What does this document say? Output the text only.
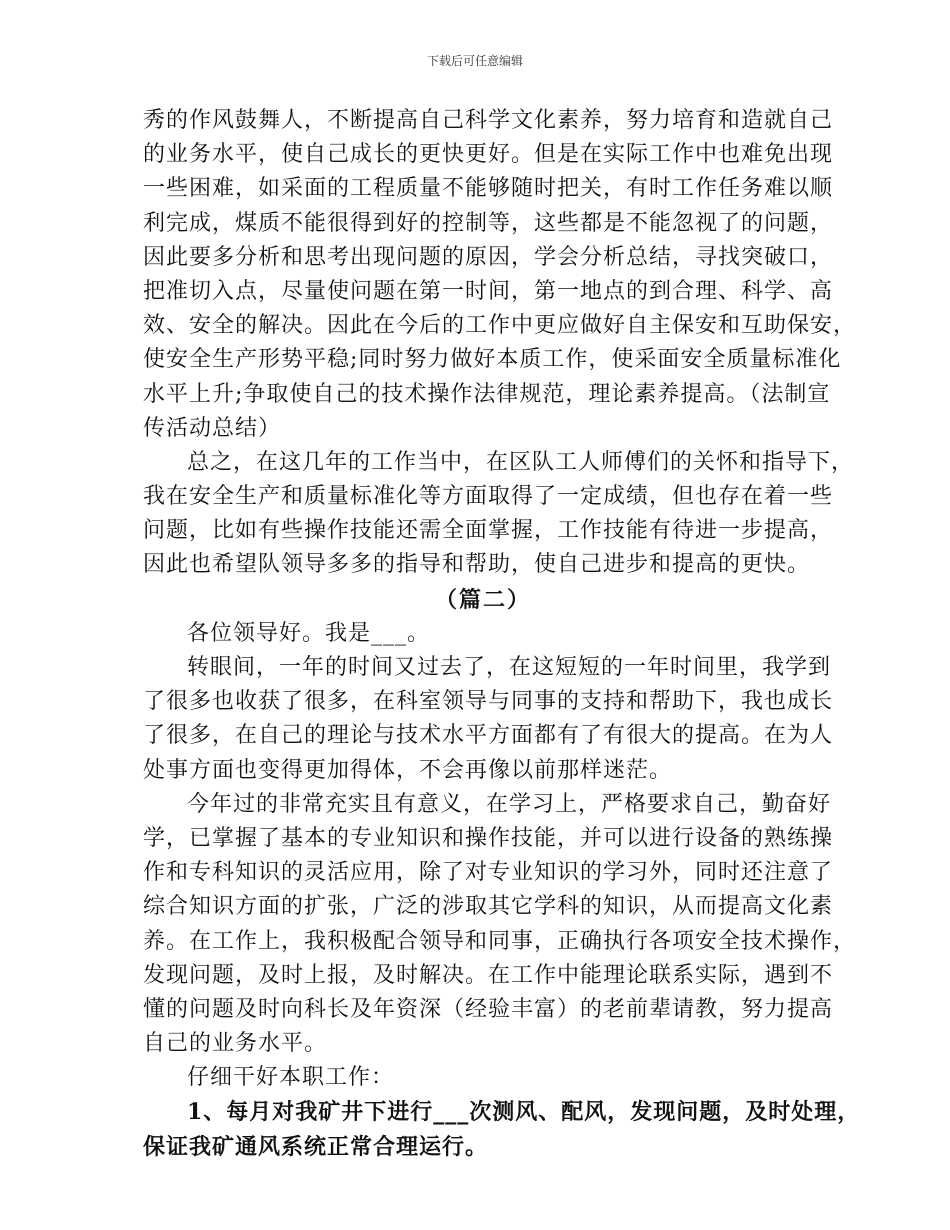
下载后可任意编辑
秀的作风鼓舞人，不断提高自己科学文化素养，努力培育和造就自己
的业务水平，使自己成长的更快更好。但是在实际工作中也难免出现
一些困难，如采面的工程质量不能够随时把关，有时工作任务难以顺
利完成，煤质不能很得到好的控制等，这些都是不能忽视了的问题，
因此要多分析和思考出现问题的原因，学会分析总结，寻找突破口，
把准切入点，尽量使问题在第一时间，第一地点的到合理、科学、高
效、安全的解决。因此在今后的工作中更应做好自主保安和互助保安，
使安全生产形势平稳;同时努力做好本质工作，使采面安全质量标准化
水平上升;争取使自己的技术操作法律规范，理论素养提高。（法制宣
传活动总结）
总之，在这几年的工作当中，在区队工人师傅们的关怀和指导下，
我在安全生产和质量标准化等方面取得了一定成绩，但也存在着一些
问题，比如有些操作技能还需全面掌握，工作技能有待进一步提高，
因此也希望队领导多多的指导和帮助，使自己进步和提高的更快。
（篇二）
各位领导好。我是___。
转眼间，一年的时间又过去了，在这短短的一年时间里，我学到
了很多也收获了很多，在科室领导与同事的支持和帮助下，我也成长
了很多，在自己的理论与技术水平方面都有了有很大的提高。在为人
处事方面也变得更加得体，不会再像以前那样迷茫。
今年过的非常充实且有意义，在学习上，严格要求自己，勤奋好
学，已掌握了基本的专业知识和操作技能，并可以进行设备的熟练操
作和专科知识的灵活应用，除了对专业知识的学习外，同时还注意了
综合知识方面的扩张，广泛的涉取其它学科的知识，从而提高文化素
养。在工作上，我积极配合领导和同事，正确执行各项安全技术操作，
发现问题，及时上报，及时解决。在工作中能理论联系实际，遇到不
懂的问题及时向科长及年资深（经验丰富）的老前辈请教，努力提高
自己的业务水平。
仔细干好本职工作：
1、每月对我矿井下进行___次测风、配风，发现问题，及时处理，
保证我矿通风系统正常合理运行。
